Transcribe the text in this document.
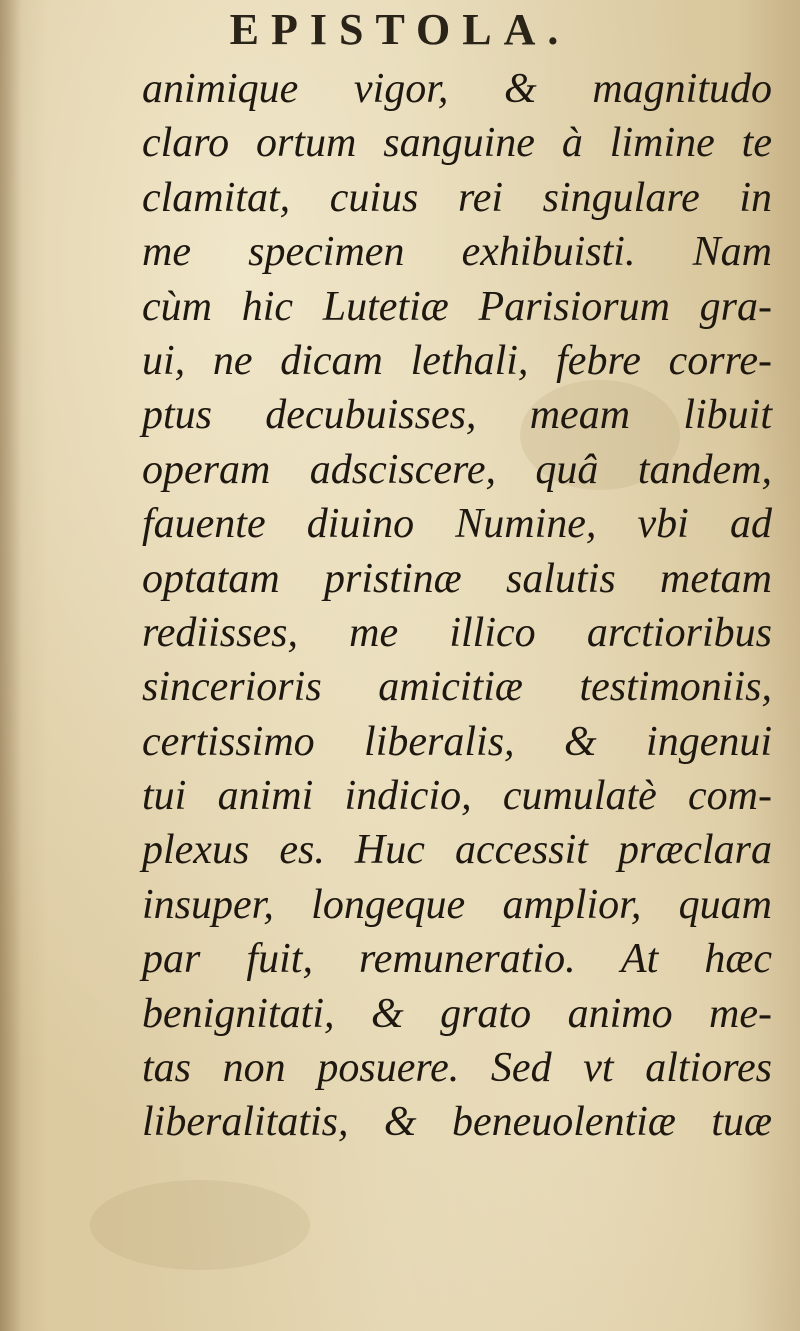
EPISTOLA.
animique vigor, & magnitudo
claro ortum sanguine à limine te
clamitat, cuius rei singulare in
me specimen exhibuisti. Nam
cùm hic Lutetiæ Parisiorum gra-
ui, ne dicam lethali, febre corre-
ptus decubuisses, meam libuit
operam adsciscere, quâ tandem,
fauente diuino Numine, vbi ad
optatam pristinæ salutis metam
rediisses, me illico arctioribus
sincerioris amicitiæ testimoniis,
certissimo liberalis, & ingenui
tui animi indicio, cumulatè com-
plexus es. Huc accessit præclara
insuper, longeque amplior, quam
par fuit, remuneratio. At hæc
benignitati, & grato animo me-
tas non posuere. Sed vt altiores
liberalitatis, & beneuolentiæ tuæ
